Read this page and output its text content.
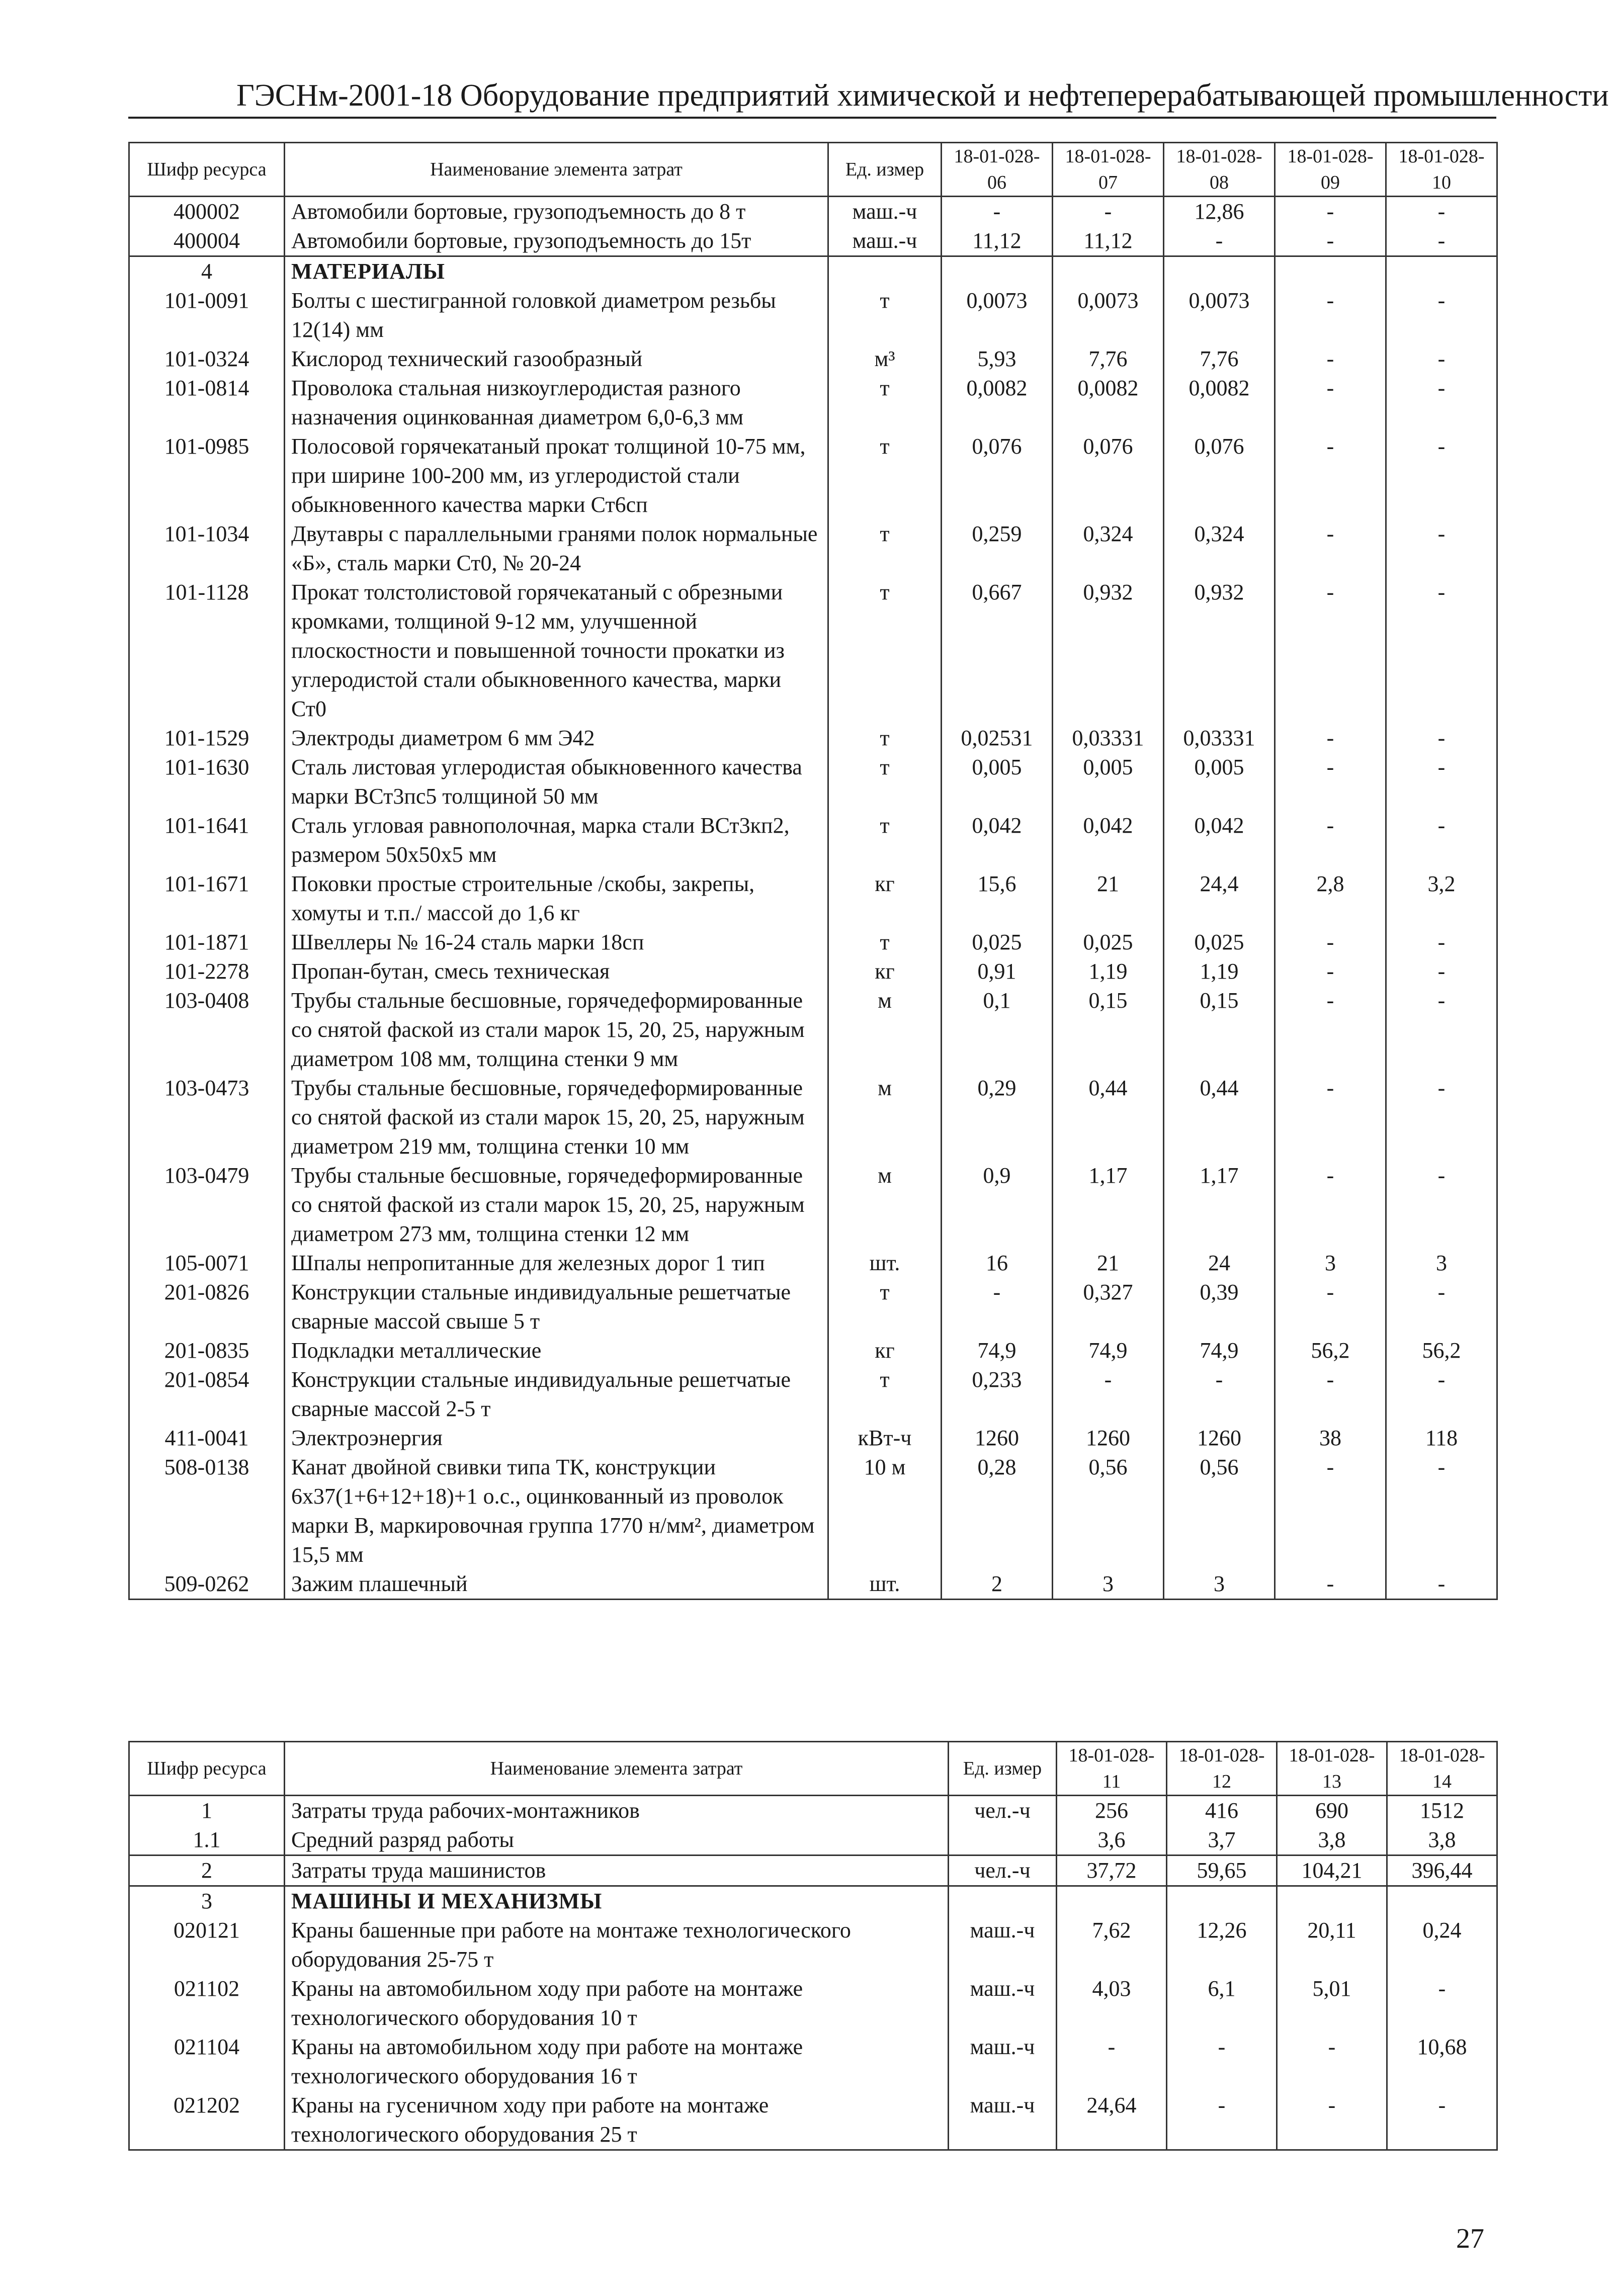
ГЭСНм-2001-18 Оборудование предприятий химической и нефтеперерабатывающей промышленности
Шифр ресурса	Наименование элемента затрат	Ед. измер	18-01-028-06	18-01-028-07	18-01-028-08	18-01-028-09	18-01-028-10
400002	Автомобили бортовые, грузоподъемность до 8 т	маш.-ч	-	-	12,86	-	-
400004	Автомобили бортовые, грузоподъемность до 15т	маш.-ч	11,12	11,12	-	-	-
4	МАТЕРИАЛЫ						
101-0091	Болты с шестигранной головкой диаметром резьбы 12(14) мм	т	0,0073	0,0073	0,0073	-	-
101-0324	Кислород технический газообразный	м³	5,93	7,76	7,76	-	-
101-0814	Проволока стальная низкоуглеродистая разного назначения оцинкованная диаметром 6,0-6,3 мм	т	0,0082	0,0082	0,0082	-	-
101-0985	Полосовой горячекатаный прокат толщиной 10-75 мм, при ширине 100-200 мм, из углеродистой стали обыкновенного качества марки Ст6сп	т	0,076	0,076	0,076	-	-
101-1034	Двутавры с параллельными гранями полок нормальные «Б», сталь марки Ст0, № 20-24	т	0,259	0,324	0,324	-	-
101-1128	Прокат толстолистовой горячекатаный с обрезными кромками, толщиной 9-12 мм, улучшенной плоскостности и повышенной точности прокатки из углеродистой стали обыкновенного качества, марки Ст0	т	0,667	0,932	0,932	-	-
101-1529	Электроды диаметром 6 мм Э42	т	0,02531	0,03331	0,03331	-	-
101-1630	Сталь листовая углеродистая обыкновенного качества марки ВСт3пс5 толщиной 50 мм	т	0,005	0,005	0,005	-	-
101-1641	Сталь угловая равнополочная, марка стали ВСт3кп2, размером 50х50х5 мм	т	0,042	0,042	0,042	-	-
101-1671	Поковки простые строительные /скобы, закрепы, хомуты и т.п./ массой до 1,6 кг	кг	15,6	21	24,4	2,8	3,2
101-1871	Швеллеры № 16-24 сталь марки 18сп	т	0,025	0,025	0,025	-	-
101-2278	Пропан-бутан, смесь техническая	кг	0,91	1,19	1,19	-	-
103-0408	Трубы стальные бесшовные, горячедеформированные со снятой фаской из стали марок 15, 20, 25, наружным диаметром 108 мм, толщина стенки 9 мм	м	0,1	0,15	0,15	-	-
103-0473	Трубы стальные бесшовные, горячедеформированные со снятой фаской из стали марок 15, 20, 25, наружным диаметром 219 мм, толщина стенки 10 мм	м	0,29	0,44	0,44	-	-
103-0479	Трубы стальные бесшовные, горячедеформированные со снятой фаской из стали марок 15, 20, 25, наружным диаметром 273 мм, толщина стенки 12 мм	м	0,9	1,17	1,17	-	-
105-0071	Шпалы непропитанные для железных дорог 1 тип	шт.	16	21	24	3	3
201-0826	Конструкции стальные индивидуальные решетчатые сварные массой свыше 5 т	т	-	0,327	0,39	-	-
201-0835	Подкладки металлические	кг	74,9	74,9	74,9	56,2	56,2
201-0854	Конструкции стальные индивидуальные решетчатые сварные массой 2-5 т	т	0,233	-	-	-	-
411-0041	Электроэнергия	кВт-ч	1260	1260	1260	38	118
508-0138	Канат двойной свивки типа ТК, конструкции 6х37(1+6+12+18)+1 о.с., оцинкованный из проволок марки В, маркировочная группа 1770 н/мм², диаметром 15,5 мм	10 м	0,28	0,56	0,56	-	-
509-0262	Зажим плашечный	шт.	2	3	3	-	-
Шифр ресурса	Наименование элемента затрат	Ед. измер	18-01-028-11	18-01-028-12	18-01-028-13	18-01-028-14
1	Затраты труда рабочих-монтажников	чел.-ч	256	416	690	1512
1.1	Средний разряд работы		3,6	3,7	3,8	3,8
2	Затраты труда машинистов	чел.-ч	37,72	59,65	104,21	396,44
3	МАШИНЫ И МЕХАНИЗМЫ					
020121	Краны башенные при работе на монтаже технологического оборудования 25-75 т	маш.-ч	7,62	12,26	20,11	0,24
021102	Краны на автомобильном ходу при работе на монтаже технологического оборудования 10 т	маш.-ч	4,03	6,1	5,01	-
021104	Краны на автомобильном ходу при работе на монтаже технологического оборудования 16 т	маш.-ч	-	-	-	10,68
021202	Краны на гусеничном ходу при работе на монтаже технологического оборудования 25 т	маш.-ч	24,64	-	-	-
27
